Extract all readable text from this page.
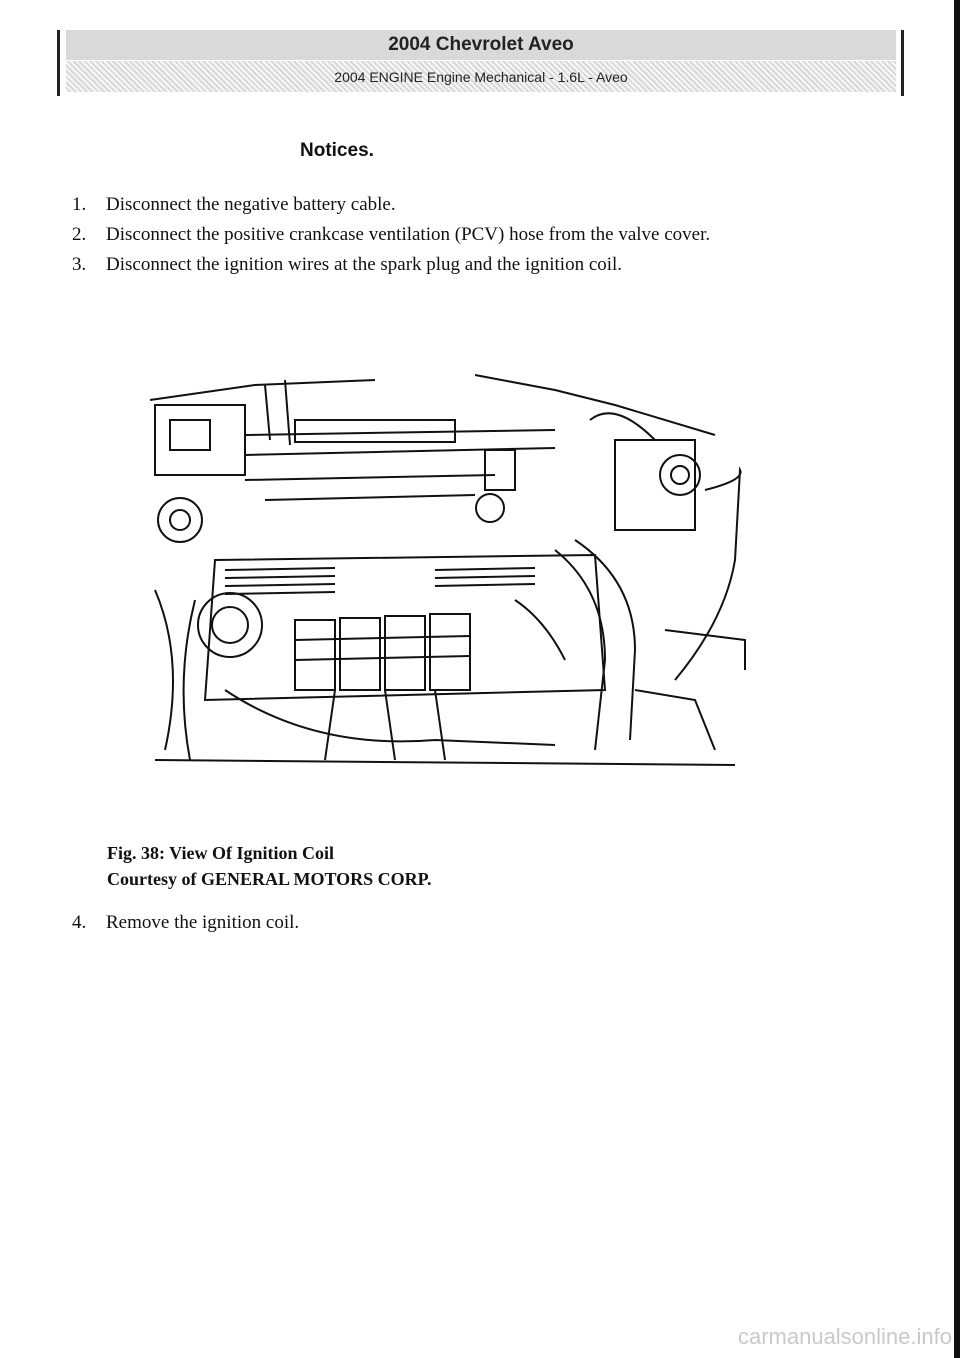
2004 Chevrolet Aveo
2004 ENGINE Engine Mechanical - 1.6L - Aveo
Notices.
1.	Disconnect the negative battery cable.
2.	Disconnect the positive crankcase ventilation (PCV) hose from the valve cover.
3.	Disconnect the ignition wires at the spark plug and the ignition coil.
Fig. 38: View Of Ignition Coil
Courtesy of GENERAL MOTORS CORP.
4.	Remove the ignition coil.
carmanualsonline.info
